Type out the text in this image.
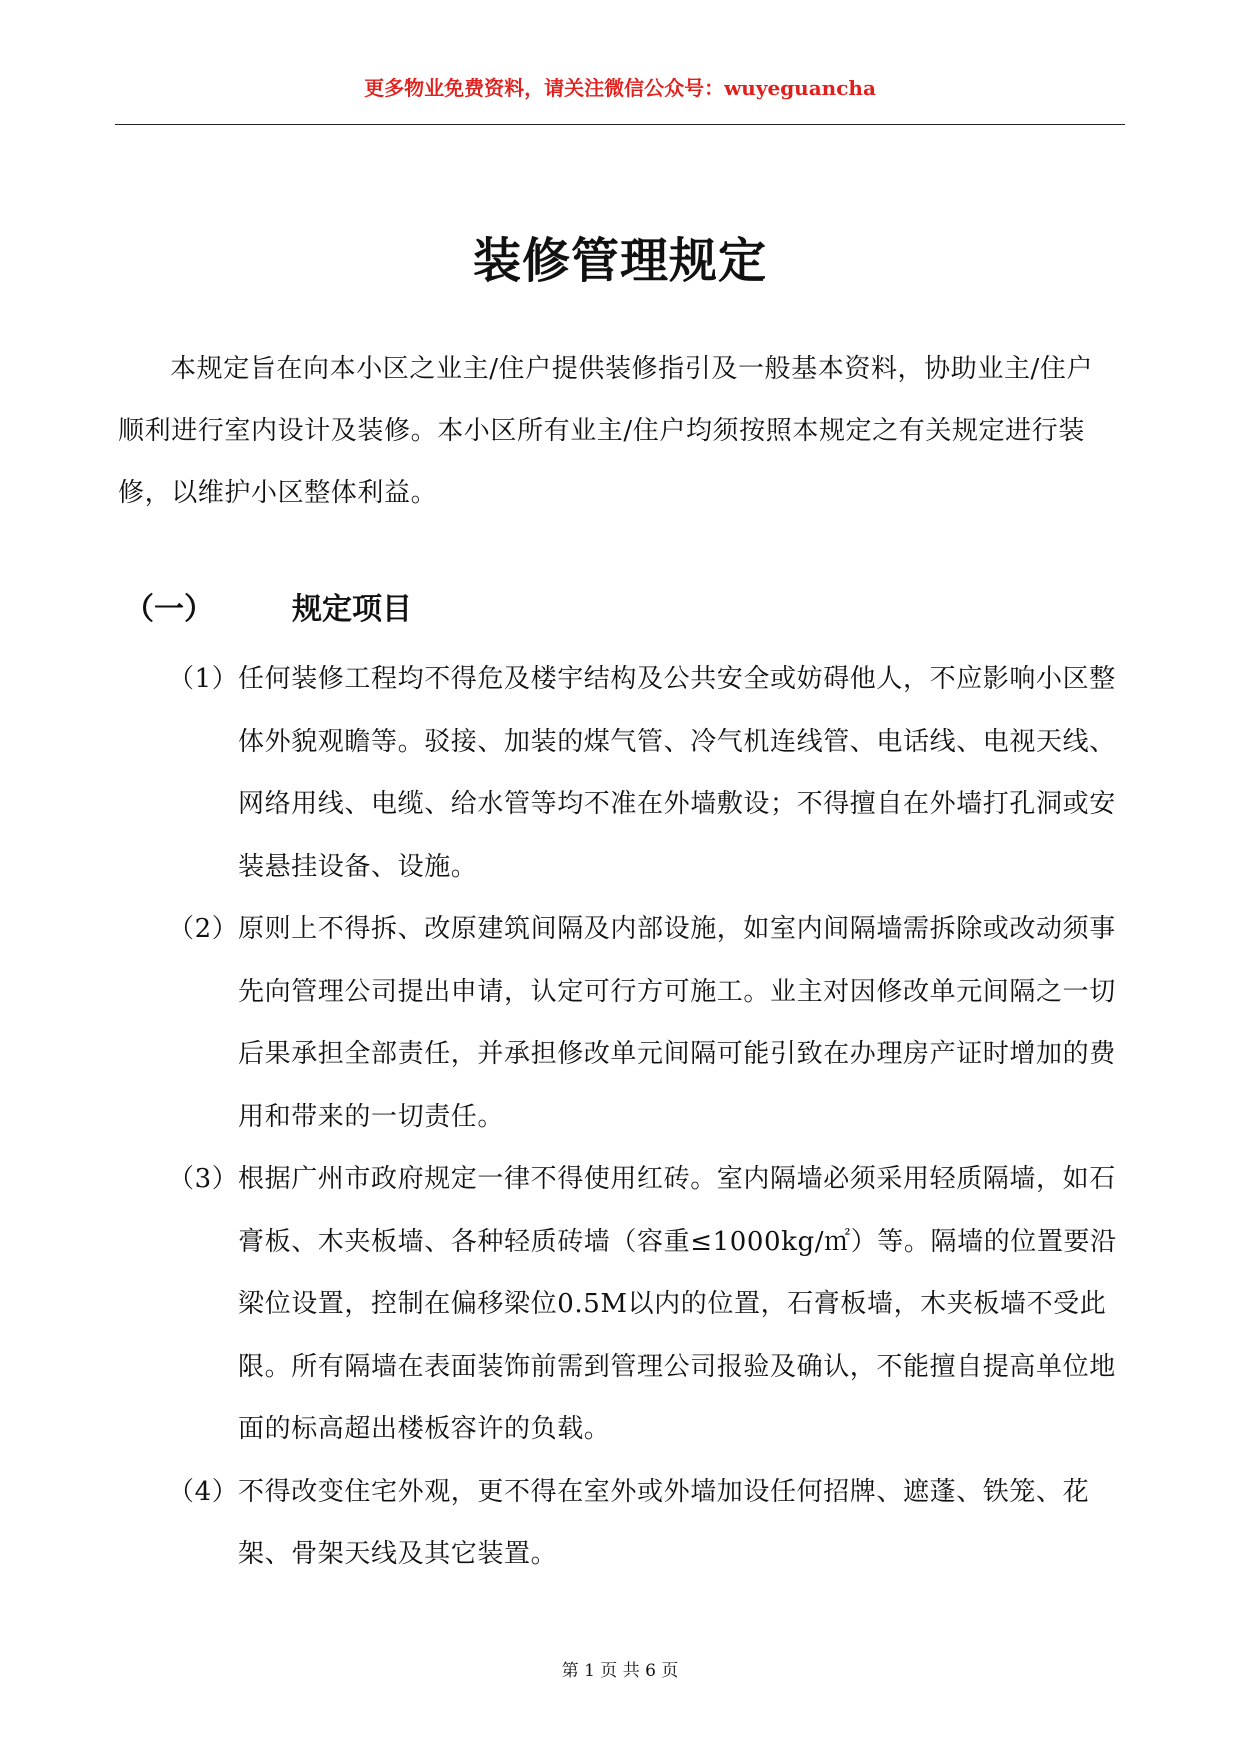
更多物业免费资料，请关注微信公众号：wuyeguancha
装修管理规定
本规定旨在向本小区之业主/住户提供装修指引及一般基本资料，协助业主/住户顺利进行室内设计及装修。本小区所有业主/住户均须按照本规定之有关规定进行装修，以维护小区整体利益。
（一）	规定项目
（1） 任何装修工程均不得危及楼宇结构及公共安全或妨碍他人，不应影响小区整体外貌观瞻等。驳接、加装的煤气管、冷气机连线管、电话线、电视天线、网络用线、电缆、给水管等均不准在外墙敷设；不得擅自在外墙打孔洞或安装悬挂设备、设施。
（2） 原则上不得拆、改原建筑间隔及内部设施，如室内间隔墙需拆除或改动须事先向管理公司提出申请，认定可行方可施工。业主对因修改单元间隔之一切后果承担全部责任，并承担修改单元间隔可能引致在办理房产证时增加的费用和带来的一切责任。
（3） 根据广州市政府规定一律不得使用红砖。室内隔墙必须采用轻质隔墙，如石膏板、木夹板墙、各种轻质砖墙（容重≤1000kg/㎡）等。隔墙的位置要沿梁位设置，控制在偏移梁位0.5M以内的位置，石膏板墙，木夹板墙不受此限。所有隔墙在表面装饰前需到管理公司报验及确认，不能擅自提高单位地面的标高超出楼板容许的负载。
（4） 不得改变住宅外观，更不得在室外或外墙加设任何招牌、遮蓬、铁笼、花架、骨架天线及其它装置。
第 1 页 共 6 页
